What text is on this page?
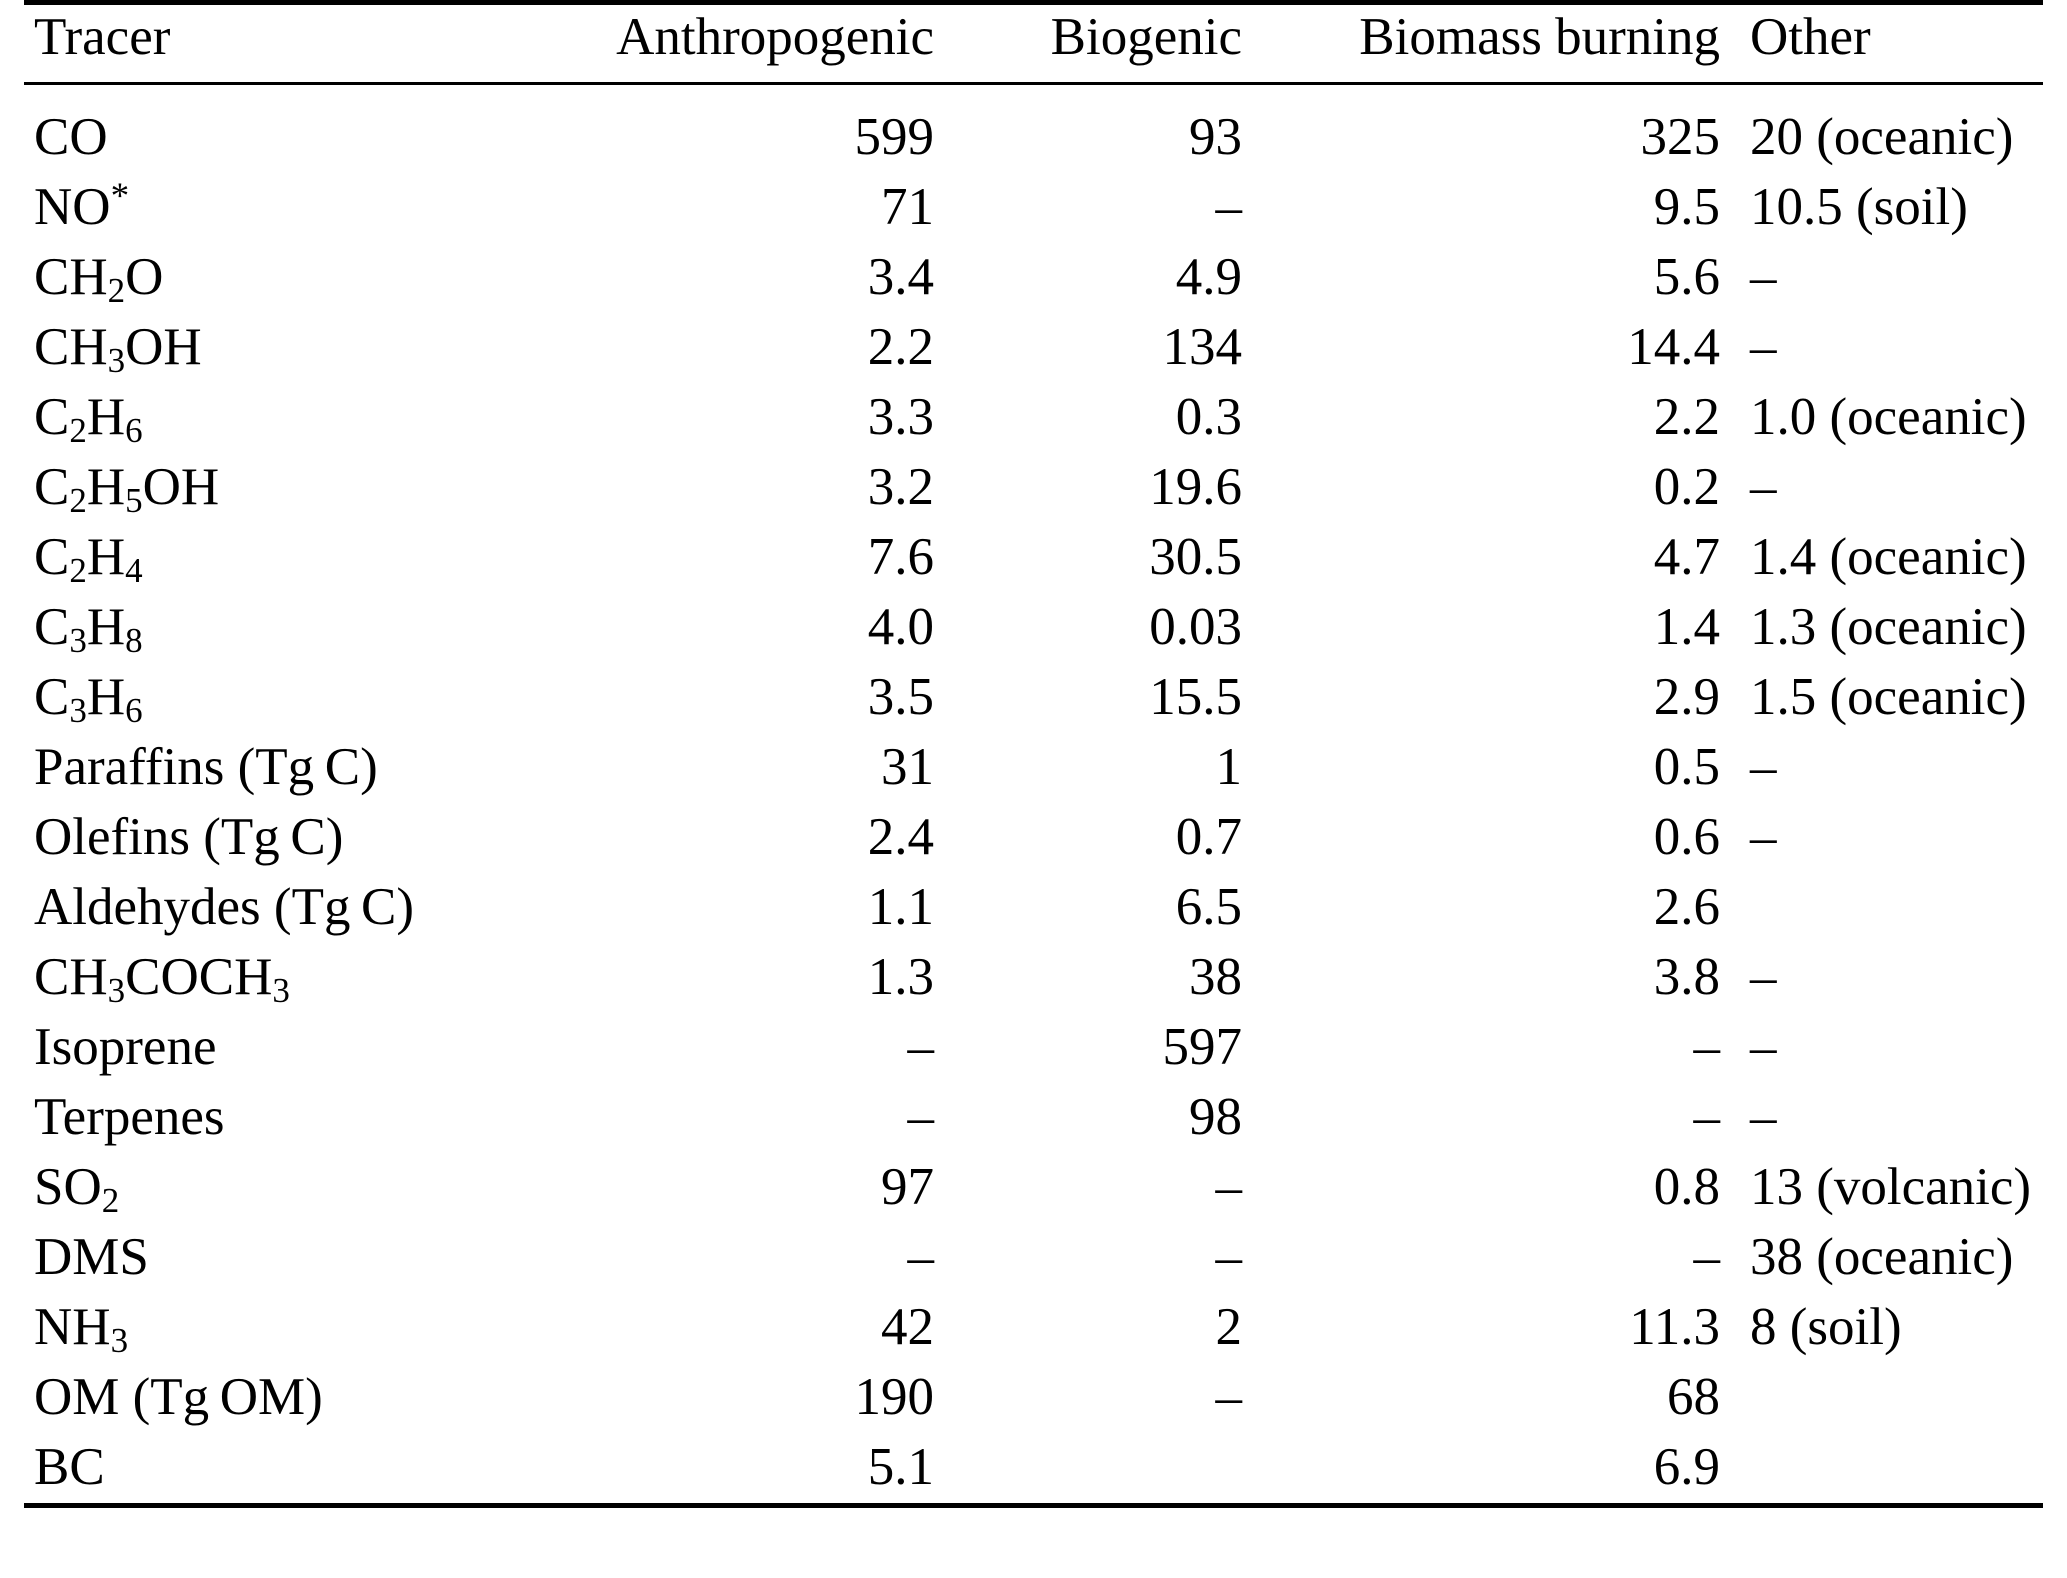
Tracer	Anthropogenic	Biogenic	Biomass burning	Other
CO	599	93	325	20 (oceanic)
NO*	71	–	9.5	10.5 (soil)
$CH_2O$	3.4	4.9	5.6	–
$CH_3OH$	2.2	134	14.4	–
$C_2H_6$	3.3	0.3	2.2	1.0 (oceanic)
$C_2H_5OH$	3.2	19.6	0.2	–
$C_2H_4$	7.6	30.5	4.7	1.4 (oceanic)
$C_3H_8$	4.0	0.03	1.4	1.3 (oceanic)
$C_3H_6$	3.5	15.5	2.9	1.5 (oceanic)
Paraffins (Tg C)	31	1	0.5	–
Olefins (Tg C)	2.4	0.7	0.6	–
Aldehydes (Tg C)	1.1	6.5	2.6	
$CH_3COCH_3$	1.3	38	3.8	–
Isoprene	–	597	–	–
Terpenes	–	98	–	–
$SO_2$	97	–	0.8	13 (volcanic)
DMS	–	–	–	38 (oceanic)
$NH_3$	42	2	11.3	8 (soil)
OM (Tg OM)	190	–	68	
BC	5.1		6.9	
